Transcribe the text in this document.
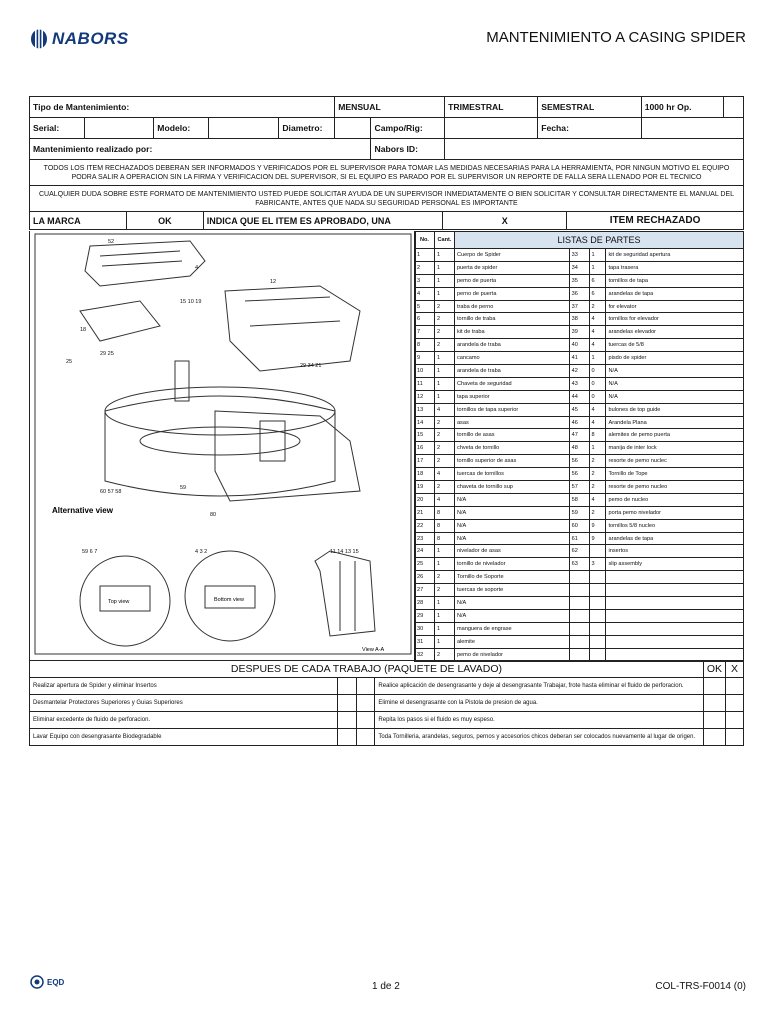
NABORS	MANTENIMIENTO A CASING SPIDER
Tipo de Mantenimiento:					MENSUAL		TRIMESTRAL	SEMESTRAL	1000 hr Op.	
Serial:		Modelo:		Diametro:		Campo/Rig:		Fecha:		
Mantenimiento realizado por:						Nabors ID:				
TODOS LOS ITEM RECHAZADOS DEBERAN SER INFORMADOS Y VERIFICADOS POR EL SUPERVISOR PARA TOMAR LAS MEDIDAS NECESARIAS PARA LA HERRAMIENTA, POR NINGUN MOTIVO EL EQUIPO PODRA SALIR A OPERACION SIN LA FIRMA Y VERIFICACION DEL SUPERVISOR, SI EL EQUIPO ES PARADO POR EL SUPERVISOR UN REPORTE DE FALLA SERA LLENADO POR EL TECNICO
CUALQUIER DUDA SOBRE ESTE FORMATO DE MANTENIMIENTO USTED PUEDE SOLICITAR AYUDA DE UN SUPERVISOR INMEDIATAMENTE O BIEN SOLICITAR Y CONSULTAR DIRECTAMENTE EL MANUAL DEL FABRICANTE, ANTES QUE NADA SU SEGURIDAD PERSONAL ES IMPORTANTE
LA MARCA	OK	INDICA QUE EL ITEM ES APROBADO, UNA	X	ITEM RECHAZADO
52
4
12
15 10 19
18
29 25
25
29 34 21
60 57 58
59
80
59 6 7	4 3 2	11 14 13 15
Alternative view
Top view	Bottom view
View A-A
No.	Cant.	LISTAS DE PARTES			
1	1	Cuerpo de Spider	33	1	kit de seguridad apertura
2	1	puerta de spider	34	1	tapa trasera
3	1	pemo de puerta	35	6	tornillos de tapa
4	1	perno de puerta	36	6	arandelas de tapa
5	2	traba de perno	37	2	for elevator
6	2	tornillo de traba	38	4	tornillos for elevador
7	2	kit de traba	39	4	arandelas elevador
8	2	arandela de traba	40	4	tuercas de 5/8
9	1	cancamo	41	1	pisdo de spider
10	1	arandela de traba	42	0	N/A
11	1	Chaveta de seguridad	43	0	N/A
12	1	tapa superior	44	0	N/A
13	4	tornillos de tapa superior	45	4	bulones de top guide
14	2	asas	46	4	Arandela Plana
15	2	tornillo de asas	47	8	alemites de pemo puerta
16	2	chveta de tornillo	48	1	manija de inter lock
17	2	tornillo superior de asas	56	2	resorte de pemo nuclec
18	4	tuercas de tornillos	56	2	Tornillo de Tope
19	2	chaveta de tornillo sup	57	2	resorte de pemo nucleo
20	4	N/A	58	4	pemo de nucleo
21	8	N/A	59	2	porta pemo nivelador
22	8	N/A	60	9	tornillos 5/8 nucleo
23	8	N/A	61	9	arandelas de tapa
24	1	nivelador de asas	62		insertos
25	1	tornillo de nivelador	63	3	slip assembly
26	2	Tornillo de Soporte			
27	2	tuercas de soporte			
28	1	N/A			
29	1	N/A			
30	1	manguera de engrase			
31	1	alemite			
32	2	pemo de nivelador			
DESPUES DE CADA TRABAJO (PAQUETE DE LAVADO)				OK	X
Realizar apertura de Spider y eliminar Insertos			Realice aplicación de desengrasante y deje al desengrasante Trabajar, frote hasta eliminar el fluido de perforacion.		
Desmantelar Protectores Superiores y Guias Superiores			Elimine el desengrasante con la Pistola de presion de agua.		
Eliminar excedente de fluido de perforacion.			Repita los pasos si el fluido es muy espeso.		
Lavar Equipo con desengrasante Biodegradable			Toda Tornilleria, arandelas, seguros, pernos y accesorios chicos deberan ser colocados nuevamente al lugar de origen.		
EQD	1 de 2	COL-TRS-F0014 (0)
